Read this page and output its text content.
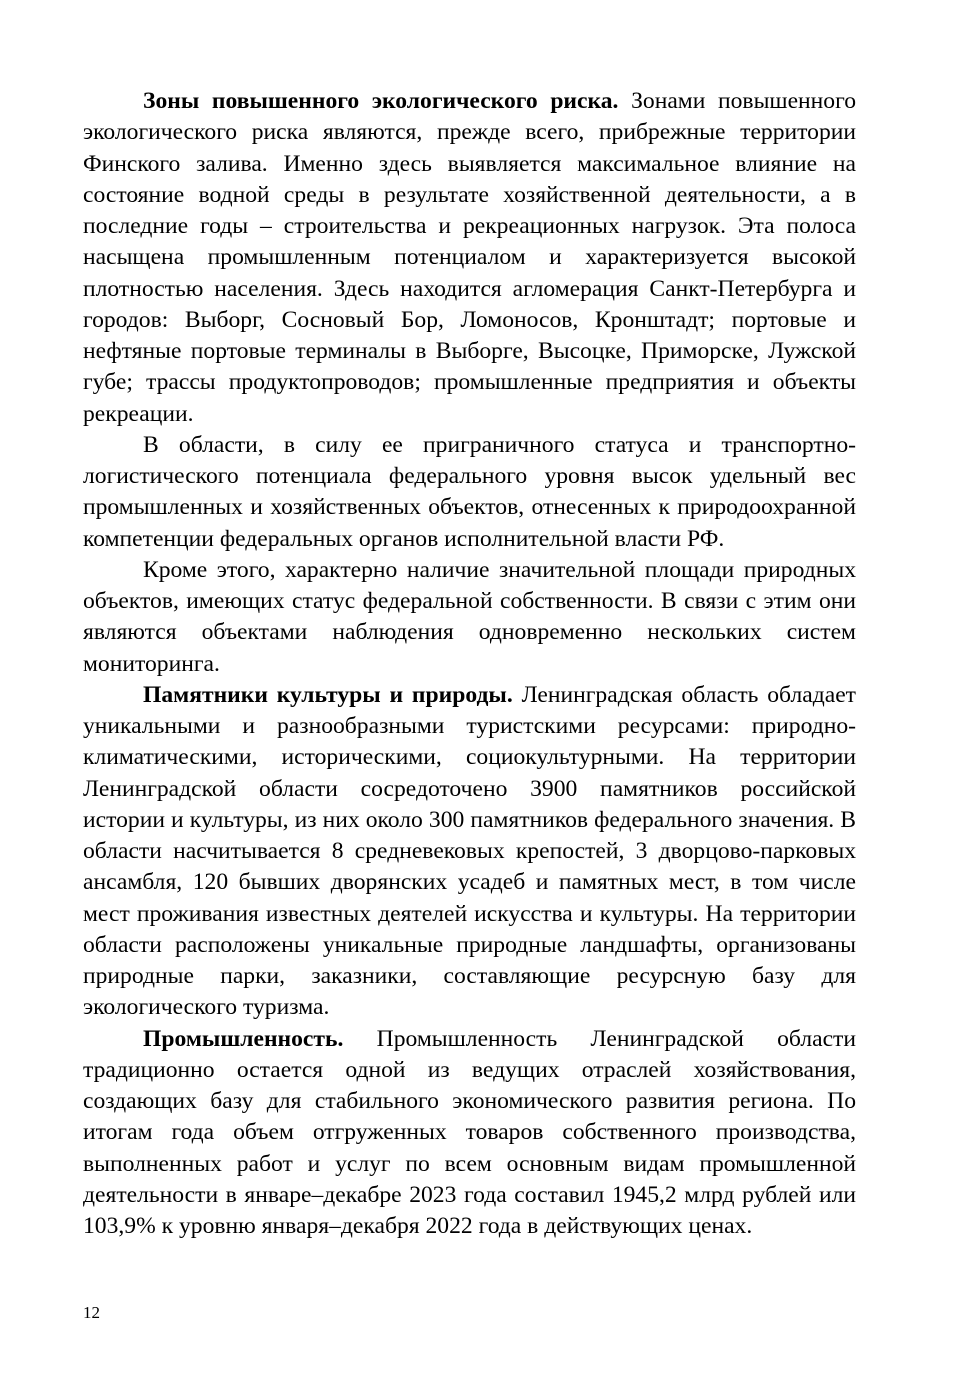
Зоны повышенного экологического риска. Зонами повышенного экологического риска являются, прежде всего, прибрежные территории Финского залива. Именно здесь выявляется максимальное влияние на состояние водной среды в результате хозяйственной деятельности, а в последние годы – строительства и рекреационных нагрузок. Эта полоса насыщена промышленным потенциалом и характеризуется высокой плотностью населения. Здесь находится агломерация Санкт-Петербурга и городов: Выборг, Сосновый Бор, Ломоносов, Кронштадт; портовые и нефтяные портовые терминалы в Выборге, Высоцке, Приморске, Лужской губе; трассы продуктопроводов; промышленные предприятия и объекты рекреации.

В области, в силу ее приграничного статуса и транспортно-логистического потенциала федерального уровня высок удельный вес промышленных и хозяйственных объектов, отнесенных к природоохранной компетенции федеральных органов исполнительной власти РФ.

Кроме этого, характерно наличие значительной площади природных объектов, имеющих статус федеральной собственности. В связи с этим они являются объектами наблюдения одновременно нескольких систем мониторинга.

Памятники культуры и природы. Ленинградская область обладает уникальными и разнообразными туристскими ресурсами: природно-климатическими, историческими, социокультурными. На территории Ленинградской области сосредоточено 3900 памятников российской истории и культуры, из них около 300 памятников федерального значения. В области насчитывается 8 средневековых крепостей, 3 дворцово-парковых ансамбля, 120 бывших дворянских усадеб и памятных мест, в том числе мест проживания известных деятелей искусства и культуры. На территории области расположены уникальные природные ландшафты, организованы природные парки, заказники, составляющие ресурсную базу для экологического туризма.

Промышленность. Промышленность Ленинградской области традиционно остается одной из ведущих отраслей хозяйствования, создающих базу для стабильного экономического развития региона. По итогам года объем отгруженных товаров собственного производства, выполненных работ и услуг по всем основным видам промышленной деятельности в январе–декабре 2023 года составил 1945,2 млрд рублей или 103,9% к уровню января–декабря 2022 года в действующих ценах.

12
